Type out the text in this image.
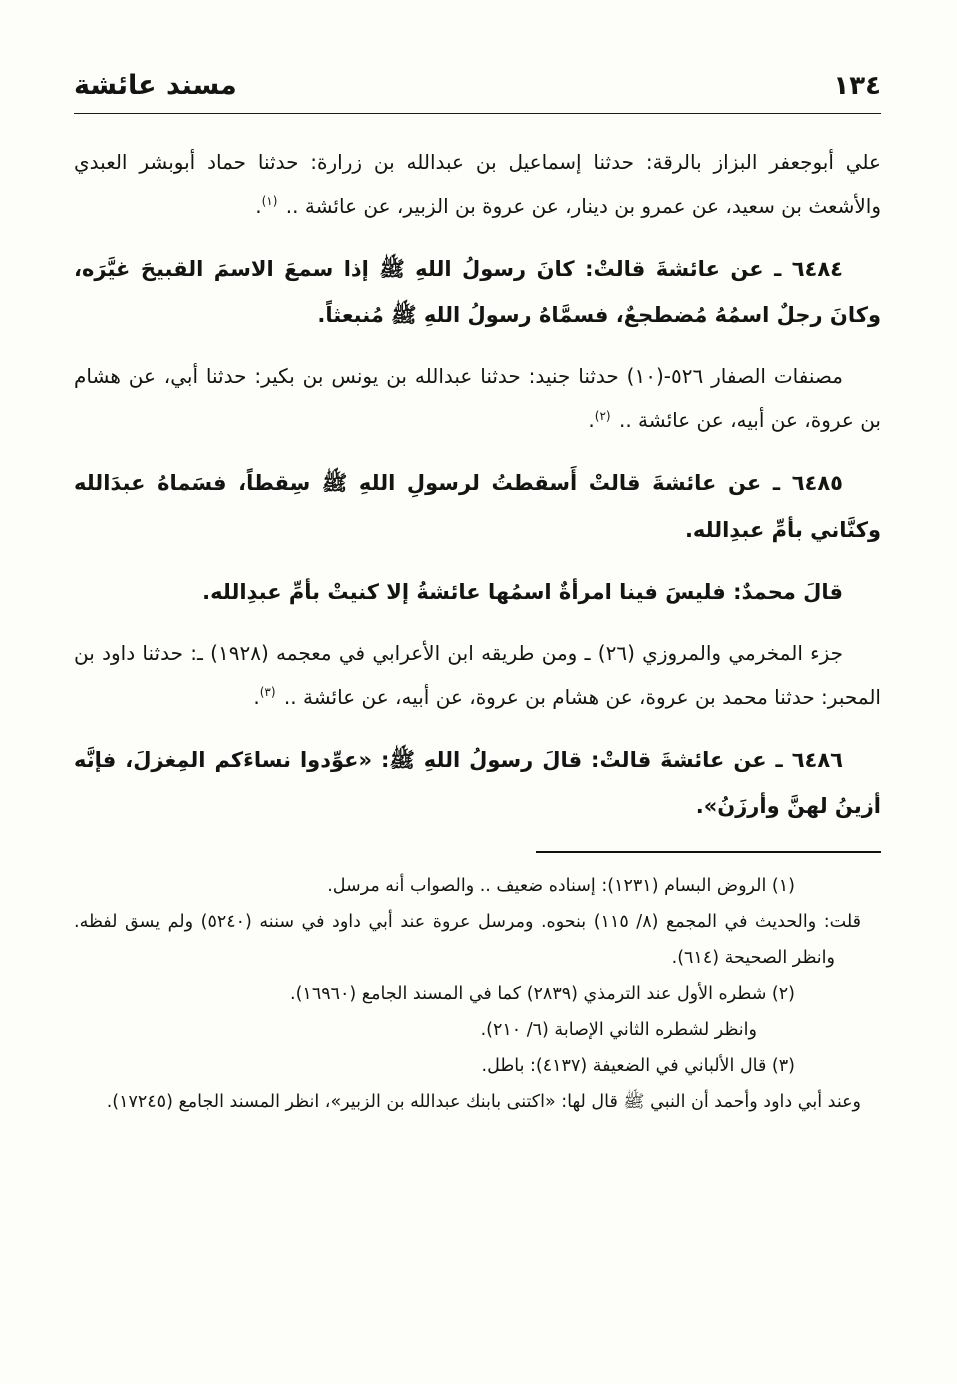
١٣٤
مسند عائشة

علي أبوجعفر البزاز بالرقة: حدثنا إسماعيل بن عبدالله بن زرارة: حدثنا حماد أبوبشر العبدي والأشعث بن سعيد، عن عمرو بن دينار، عن عروة بن الزبير، عن عائشة .. $^{(١)}$.

٦٤٨٤ ـ عن عائشةَ قالتْ: كانَ رسولُ اللهِ ﷺ إذا سمعَ الاسمَ القبيحَ غيَّرَه، وكانَ رجلٌ اسمُهُ مُضطجعٌ، فسمَّاهُ رسولُ اللهِ ﷺ مُنبعثاً.

مصنفات الصفار ٥٢٦-(١٠) حدثنا جنيد: حدثنا عبدالله بن يونس بن بكير: حدثنا أبي، عن هشام بن عروة، عن أبيه، عن عائشة .. $^{(٢)}$.

٦٤٨٥ ـ عن عائشةَ قالتْ أَسقطتُ لرسولِ اللهِ ﷺ سِقطاً، فسَماهُ عبدَالله وكنَّاني بأمِّ عبدِالله.

قالَ محمدٌ: فليسَ فينا امرأةٌ اسمُها عائشةُ إلا كنيتْ بأمِّ عبدِالله.

جزء المخرمي والمروزي (٢٦) ـ ومن طريقه ابن الأعرابي في معجمه (١٩٢٨) ـ: حدثنا داود بن المحبر: حدثنا محمد بن عروة، عن هشام بن عروة، عن أبيه، عن عائشة .. $^{(٣)}$.

٦٤٨٦ ـ عن عائشةَ قالتْ: قالَ رسولُ اللهِ ﷺ: «عوِّدوا نساءَكم المِغزلَ، فإنَّه أزينُ لهنَّ وأرزَنُ».

(١) الروض البسام (١٢٣١): إسناده ضعيف .. والصواب أنه مرسل.

قلت: والحديث في المجمع (٨/ ١١٥) بنحوه. ومرسل عروة عند أبي داود في سننه (٥٢٤٠) ولم يسق لفظه. وانظر الصحيحة (٦١٤).

(٢) شطره الأول عند الترمذي (٢٨٣٩) كما في المسند الجامع (١٦٩٦٠).

وانظر لشطره الثاني الإصابة (٦/ ٢١٠).

(٣) قال الألباني في الضعيفة (٤١٣٧): باطل.

وعند أبي داود وأحمد أن النبي ﷺ قال لها: «اكتنى بابنك عبدالله بن الزبير»، انظر المسند الجامع (١٧٢٤٥).
